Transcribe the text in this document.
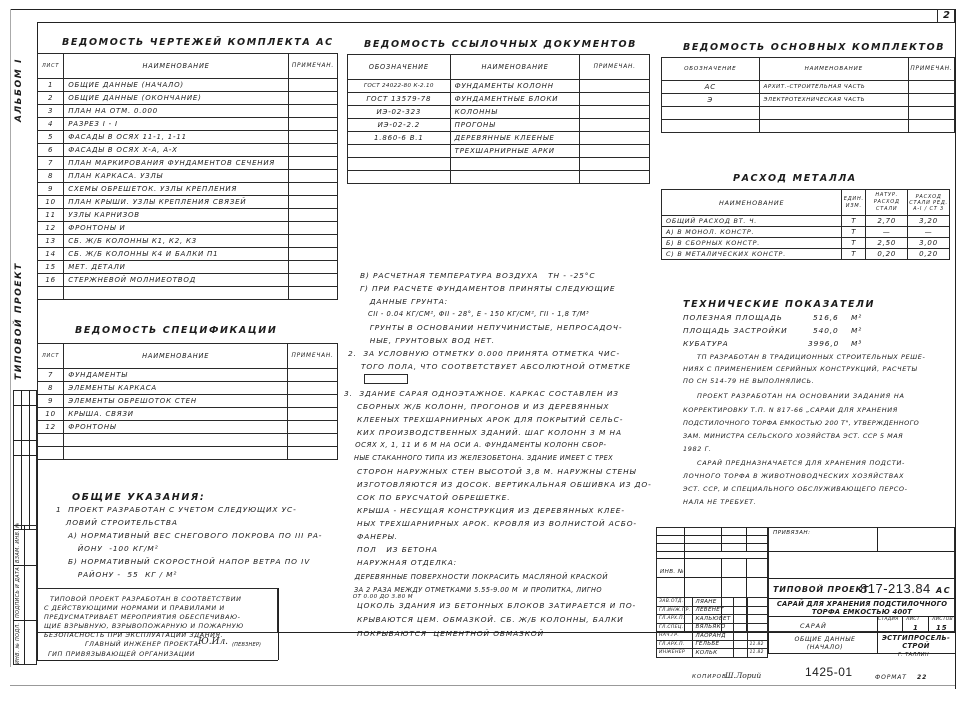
2
АЛЬБОМ I
ТИПОВОЙ ПРОЕКТ
ВЗАМ. ИНВ. №
ПОДПИСЬ И ДАТА
ИНВ. № ПОДЛ.
ВЕДОМОСТЬ ЧЕРТЕЖЕЙ КОМПЛЕКТА АС
ЛИСТ	НАИМЕНОВАНИЕ	ПРИМЕЧАН.
1	ОБЩИЕ ДАННЫЕ (НАЧАЛО)	
2	ОБЩИЕ ДАННЫЕ (ОКОНЧАНИЕ)	
3	ПЛАН НА ОТМ. 0.000	
4	РАЗРЕЗ I - I	
5	ФАСАДЫ В ОСЯХ 11-1, 1-11	
6	ФАСАДЫ В ОСЯХ Х-А, А-Х	
7	ПЛАН МАРКИРОВАНИЯ ФУНДАМЕНТОВ СЕЧЕНИЯ	
8	ПЛАН КАРКАСА. УЗЛЫ	
9	СХЕМЫ ОБРЕШЕТОК. УЗЛЫ КРЕПЛЕНИЯ	
10	ПЛАН КРЫШИ. УЗЛЫ КРЕПЛЕНИЯ СВЯЗЕЙ	
11	УЗЛЫ КАРНИЗОВ	
12	ФРОНТОНЫ И	
13	СБ. Ж/Б КОЛОННЫ К1, К2, К3	
14	СБ. Ж/Б КОЛОННЫ К4 И БАЛКИ П1	
15	МЕТ. ДЕТАЛИ	
16	СТЕРЖНЕВОЙ МОЛНИЕОТВОД	

ВЕДОМОСТЬ СПЕЦИФИКАЦИИ
ЛИСТ	НАИМЕНОВАНИЕ	ПРИМЕЧАН.
7	ФУНДАМЕНТЫ	
8	ЭЛЕМЕНТЫ КАРКАСА	
9	ЭЛЕМЕНТЫ ОБРЕШОТОК СТЕН	
10	КРЫША. СВЯЗИ	
12	ФРОНТОНЫ	

ОБЩИЕ УКАЗАНИЯ:
1  ПРОЕКТ РАЗРАБОТАН С УЧЕТОМ СЛЕДУЮЩИХ УС-
ЛОВИЙ СТРОИТЕЛЬСТВА
А) НОРМАТИВНЫЙ ВЕС СНЕГОВОГО ПОКРОВА ПО III РА-
ЙОНУ  -100 КГ/М²
Б) НОРМАТИВНЫЙ СКОРОСТНОЙ НАПОР ВЕТРА ПО IV
РАЙОНУ -  55  КГ / М²
ТИПОВОЙ ПРОЕКТ РАЗРАБОТАН В СООТВЕТСТВИИ
С ДЕЙСТВУЮЩИМИ НОРМАМИ И ПРАВИЛАМИ И
ПРЕДУСМАТРИВАЕТ МЕРОПРИЯТИЯ ОБЕСПЕЧИВАЮ-
ЩИЕ ВЗРЫВНУЮ, ВЗРЫВОПОЖАРНУЮ И ПОЖАРНУЮ
БЕЗОПАСНОСТЬ ПРИ ЭКСПЛУАТАЦИИ ЗДАНИЯ.
ГЛАВНЫЙ ИНЖЕНЕР ПРОЕКТА:
Ю.Ил. (ПЕВЗНЕР)
ГИП ПРИВЯЗЫВАЮЩЕЙ ОРГАНИЗАЦИИ
ВЕДОМОСТЬ ССЫЛОЧНЫХ ДОКУМЕНТОВ
ОБОЗНАЧЕНИЕ	НАИМЕНОВАНИЕ	ПРИМЕЧАН.
ГОСТ 24022-80 К-2.10	ФУНДАМЕНТЫ КОЛОНН	
ГОСТ 13579-78	ФУНДАМЕНТНЫЕ БЛОКИ	
ИЭ-02-323	КОЛОННЫ	
ИЭ-02-2.2	ПРОГОНЫ	
1.860-6 В.1	ДЕРЕВЯННЫЕ КЛЕЕНЫЕ	
	ТРЕХШАРНИРНЫЕ АРКИ	

В) РАСЧЕТНАЯ ТЕМПЕРАТУРА ВОЗДУХА   ТН - -25°С
Г) ПРИ РАСЧЕТЕ ФУНДАМЕНТОВ ПРИНЯТЫ СЛЕДУЮЩИЕ
ДАННЫЕ ГРУНТА:
СII - 0.04 КГ/СМ², ΦII - 28°, Е - 150 КГ/СМ², ΓII - 1,8 Т/М³
ГРУНТЫ В ОСНОВАНИИ НЕПУЧИНИСТЫЕ, НЕПРОСАДОЧ-
НЫЕ, ГРУНТОВЫХ ВОД НЕТ.
2.  ЗА УСЛОВНУЮ ОТМЕТКУ 0.000 ПРИНЯТА ОТМЕТКА ЧИС-
ТОГО ПОЛА, ЧТО СООТВЕТСТВУЕТ АБСОЛЮТНОЙ ОТМЕТКЕ
3.  ЗДАНИЕ САРАЯ ОДНОЭТАЖНОЕ. КАРКАС СОСТАВЛЕН ИЗ
СБОРНЫХ Ж/Б КОЛОНН, ПРОГОНОВ И ИЗ ДЕРЕВЯННЫХ
КЛЕЕНЫХ ТРЕХШАРНИРНЫХ АРОК ДЛЯ ПОКРЫТИЙ СЕЛЬС-
КИХ ПРОИЗВОДСТВЕННЫХ ЗДАНИЙ. ШАГ КОЛОНН 3 М НА
ОСЯХ X, 1, 11 И 6 М НА ОСИ А. ФУНДАМЕНТЫ КОЛОНН СБОР-
НЫЕ СТАКАННОГО ТИПА ИЗ ЖЕЛЕЗОБЕТОНА. ЗДАНИЕ ИМЕЕТ С ТРЕХ
СТОРОН НАРУЖНЫХ СТЕН ВЫСОТОЙ 3,8 М. НАРУЖНЫ СТЕНЫ
ИЗГОТОВЛЯЮТСЯ ИЗ ДОСОК. ВЕРТИКАЛЬНАЯ ОБШИВКА ИЗ ДО-
СОК ПО БРУСЧАТОЙ ОБРЕШЕТКЕ.
КРЫША - НЕСУЩАЯ КОНСТРУКЦИЯ ИЗ ДЕРЕВЯННЫХ КЛЕЕ-
НЫХ ТРЕХШАРНИРНЫХ АРОК. КРОВЛЯ ИЗ ВОЛНИСТОЙ АСБО-
ФАНЕРЫ.
ПОЛ   ИЗ БЕТОНА
НАРУЖНАЯ ОТДЕЛКА:
ДЕРЕВЯННЫЕ ПОВЕРХНОСТИ ПОКРАСИТЬ МАСЛЯНОЙ КРАСКОЙ
ЗА 2 РАЗА МЕЖДУ ОТМЕТКАМИ 5.55-9.00 М  И ПРОПИТКА, ЛИГНО
ОТ 0.00 ДО 3.80 М
ЦОКОЛЬ ЗДАНИЯ ИЗ БЕТОННЫХ БЛОКОВ ЗАТИРАЕТСЯ И ПО-
КРЫВАЮТСЯ ЦЕМ. ОБМАЗКОЙ. СБ. Ж/Б КОЛОННЫ, БАЛКИ
ПОКРЫВАЮТСЯ  ЦЕМЕНТНОЙ ОБМАЗКОЙ
ВЕДОМОСТЬ ОСНОВНЫХ КОМПЛЕКТОВ
ОБОЗНАЧЕНИЕ	НАИМЕНОВАНИЕ	ПРИМЕЧАН.
АС	АРХИТ.-СТРОИТЕЛЬНАЯ ЧАСТЬ	
Э	ЭЛЕКТРОТЕХНИЧЕСКАЯ ЧАСТЬ	

РАСХОД МЕТАЛЛА
НАИМЕНОВАНИЕ	ЕДИН. ИЗМ.	НАТУР. РАСХОД СТАЛИ	РАСХОД СТАЛИ РЕД. А-I / СТ 3
ОБЩИЙ РАСХОД ВТ. Ч.	Т	2,70	3,20
А) В МОНОЛ. КОНСТР.	Т	—	—
Б) В СБОРНЫХ КОНСТР.	Т	2,50	3,00
С) В МЕТАЛИЧЕСКИХ КОНСТР.	Т	0,20	0,20
ТЕХНИЧЕСКИЕ ПОКАЗАТЕЛИ
ПОЛЕЗНАЯ ПЛОЩАДЬ	516,6 М²
ПЛОЩАДЬ ЗАСТРОЙКИ	540,0 М²
КУБАТУРА	3996,0 М³
ТП РАЗРАБОТАН В ТРАДИЦИОННЫХ СТРОИТЕЛЬНЫХ РЕШЕ-
НИЯХ С ПРИМЕНЕНИЕМ СЕРИЙНЫХ КОНСТРУКЦИЙ, РАСЧЕТЫ
ПО СН 514-79 НЕ ВЫПОЛНЯЛИСЬ.
ПРОЕКТ РАЗРАБОТАН НА ОСНОВАНИИ ЗАДАНИЯ НА
КОРРЕКТИРОВКУ Т.П. N 817-66 „САРАИ ДЛЯ ХРАНЕНИЯ
ПОДСТИЛОЧНОГО ТОРФА ЕМКОСТЬЮ 200 Т", УТВЕРЖДЕННОГО
ЗАМ. МИНИСТРА СЕЛЬСКОГО ХОЗЯЙСТВА ЭСТ. ССР 5 МАЯ
1982 Г.
САРАЙ ПРЕДНАЗНАЧАЕТСЯ ДЛЯ ХРАНЕНИЯ ПОДСТИ-
ЛОЧНОГО ТОРФА В ЖИВОТНОВОДЧЕСКИХ ХОЗЯЙСТВАХ
ЭСТ. ССР, И СПЕЦИАЛЬНОГО ОБСЛУЖИВАЮЩЕГО ПЕРСО-
НАЛА НЕ ТРЕБУЕТ.
ИНВ. №
ЗАВ.ОТД.	ЛЯАНЕ		
ГЛ.ИНЖ.ПР.	ЛЕВЕНЕТ		
ГЛ.АРХ.П.	КАЛЬЮВЕТ		
ГЛ.СПЕЦ.	ВЯЛЬЯКО		
НАЧ.ГР.	ЛАОРАНД		
ГЛ.АРХ.П.	ГЕЛЬБЕ		11.82
ИНЖЕНЕР	КОЛЬК		11.82
ПРИВЯЗАН:
ТИПОВОЙ ПРОЕКТ
817-213.84 АС
САРАЙ ДЛЯ ХРАНЕНИЯ ПОДСТИЛОЧНОГО ТОРФА ЕМКОСТЬЮ 400Т
СТАДИЯ ЛИСТ	ЛИСТОВ
САРАЙ	1 15
ОБЩИЕ ДАННЫЕ (НАЧАЛО)
ЭСТГИПРОСЕЛЬ-СТРОЙ
Г. ТАЛЛИН
КОПИРОВ.
Ш.Лорий	1425-01	ФОРМАТ 22
